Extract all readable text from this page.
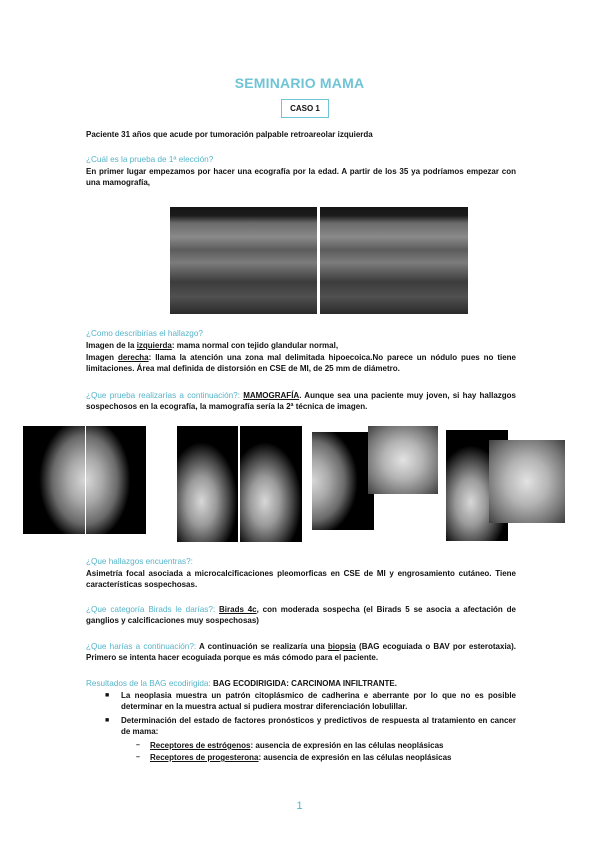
SEMINARIO MAMA
CASO 1
Paciente 31 años que acude por tumoración palpable retroareolar izquierda
¿Cuál es la prueba de 1ª elección?
En primer lugar empezamos por hacer una ecografía por la edad. A partir de los 35 ya podríamos empezar con una mamografía,
¿Como describirías el hallazgo?
Imagen de la izquierda: mama normal con tejido glandular normal,
Imagen derecha: llama la atención una zona mal delimitada hipoecoica.No parece un nódulo pues no tiene limitaciones. Área mal definida de distorsión en CSE de MI, de 25 mm de diámetro.
¿Que prueba realizarías a continuación?: MAMOGRAFÍA. Aunque sea una paciente muy joven, si hay hallazgos sospechosos en la ecografía, la mamografía sería la 2ª técnica de imagen.
¿Que hallazgos encuentras?:
Asimetría focal asociada a microcalcificaciones pleomorficas en CSE de MI y engrosamiento cutáneo. Tiene características sospechosas.
¿Que categoría Birads le darías?: Birads 4c, con moderada sospecha (el Birads 5 se asocia a afectación de ganglios y calcificaciones muy sospechosas)
¿Que harías a continuación?: A continuación se realizaría una biopsia (BAG ecoguiada o BAV por esterotaxia). Primero se intenta hacer ecoguiada porque es más cómodo para el paciente.
Resultados de la BAG ecodirigida: BAG ECODIRIGIDA: CARCINOMA INFILTRANTE.
■ La neoplasia muestra un patrón citoplásmico de cadherina e aberrante por lo que no es posible determinar en la muestra actual si pudiera mostrar diferenciación lobulillar.
■ Determinación del estado de factores pronósticos y predictivos de respuesta al tratamiento en cancer de mama:
– Receptores de estrógenos: ausencia de expresión en las células neoplásicas
– Receptores de progesterona: ausencia de expresión en las células neoplásicas
1
